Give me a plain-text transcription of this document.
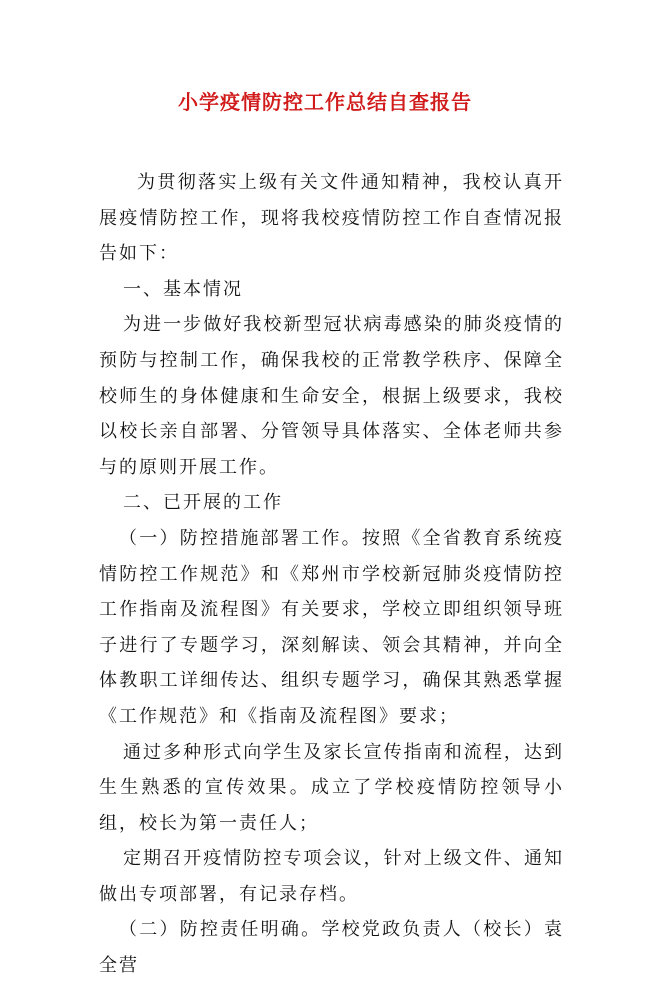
小学疫情防控工作总结自查报告

为贯彻落实上级有关文件通知精神，我校认真开展疫情防控工作，现将我校疫情防控工作自查情况报告如下：

一、基本情况

为进一步做好我校新型冠状病毒感染的肺炎疫情的预防与控制工作，确保我校的正常教学秩序、保障全校师生的身体健康和生命安全，根据上级要求，我校以校长亲自部署、分管领导具体落实、全体老师共参与的原则开展工作。

二、已开展的工作

（一）防控措施部署工作。按照《全省教育系统疫情防控工作规范》和《郑州市学校新冠肺炎疫情防控工作指南及流程图》有关要求，学校立即组织领导班子进行了专题学习，深刻解读、领会其精神，并向全体教职工详细传达、组织专题学习，确保其熟悉掌握《工作规范》和《指南及流程图》要求；

通过多种形式向学生及家长宣传指南和流程，达到生生熟悉的宣传效果。成立了学校疫情防控领导小组，校长为第一责任人；

定期召开疫情防控专项会议，针对上级文件、通知做出专项部署，有记录存档。

（二）防控责任明确。学校党政负责人（校长）袁全营
